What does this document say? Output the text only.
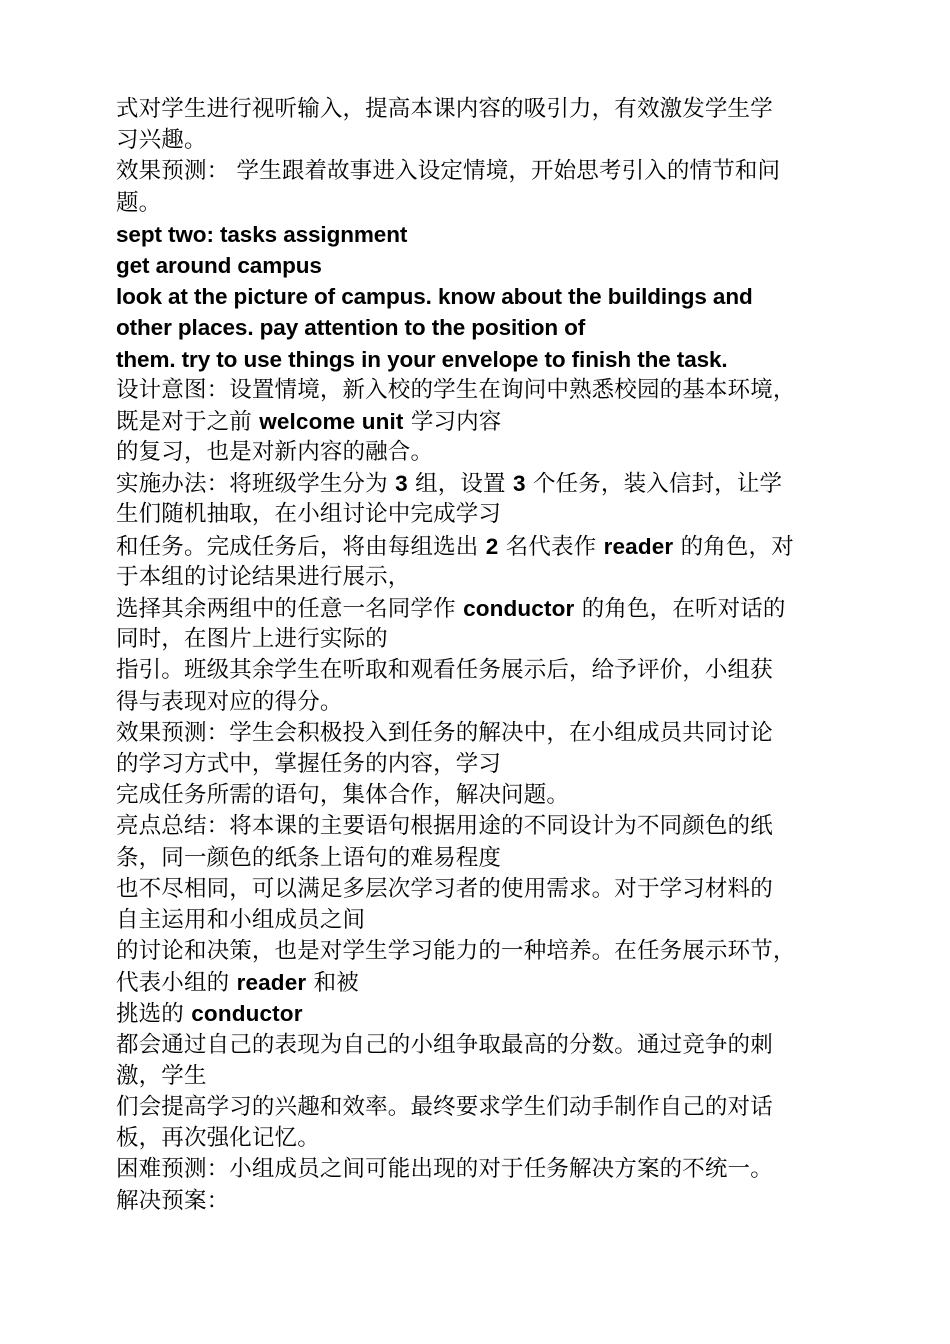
式对学生进行视听输入，提高本课内容的吸引力，有效激发学生学
习兴趣。
效果预测： 学生跟着故事进入设定情境，开始思考引入的情节和问
题。
sept two: tasks assignment
get around campus
look at the picture of campus. know about the buildings and
other places. pay attention to the position of
them. try to use things in your envelope to finish the task.
设计意图：设置情境，新入校的学生在询问中熟悉校园的基本环境，
既是对于之前 welcome unit 学习内容
的复习，也是对新内容的融合。
实施办法：将班级学生分为 3 组，设置 3 个任务，装入信封，让学
生们随机抽取，在小组讨论中完成学习
和任务。完成任务后，将由每组选出 2 名代表作 reader 的角色，对
于本组的讨论结果进行展示，
选择其余两组中的任意一名同学作 conductor 的角色，在听对话的
同时，在图片上进行实际的
指引。班级其余学生在听取和观看任务展示后，给予评价，小组获
得与表现对应的得分。
效果预测：学生会积极投入到任务的解决中，在小组成员共同讨论
的学习方式中，掌握任务的内容，学习
完成任务所需的语句，集体合作，解决问题。
亮点总结：将本课的主要语句根据用途的不同设计为不同颜色的纸
条，同一颜色的纸条上语句的难易程度
也不尽相同，可以满足多层次学习者的使用需求。对于学习材料的
自主运用和小组成员之间
的讨论和决策，也是对学生学习能力的一种培养。在任务展示环节，
代表小组的 reader 和被
挑选的 conductor
都会通过自己的表现为自己的小组争取最高的分数。通过竞争的刺
激，学生
们会提高学习的兴趣和效率。最终要求学生们动手制作自己的对话
板，再次强化记忆。
困难预测：小组成员之间可能出现的对于任务解决方案的不统一。
解决预案：
